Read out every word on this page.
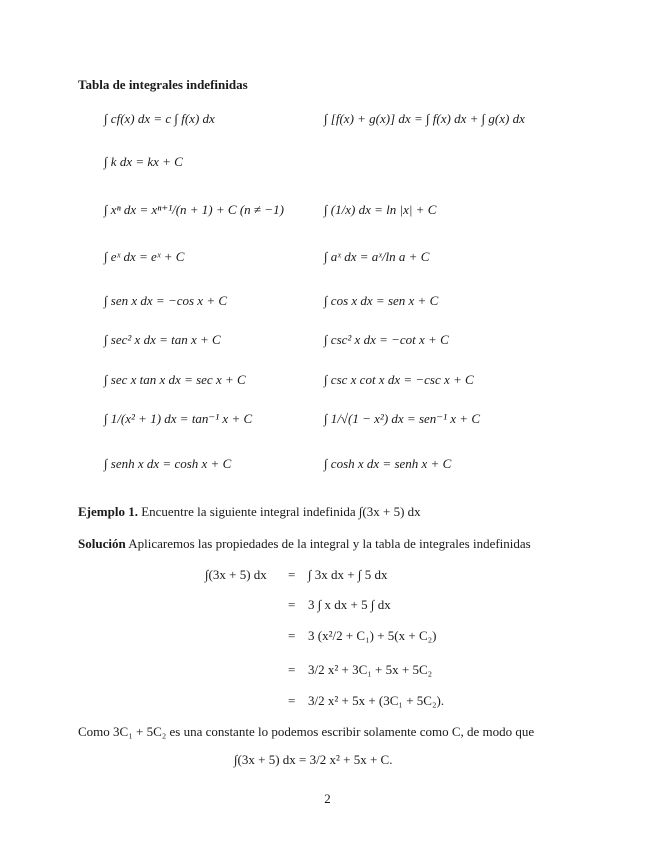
Tabla de integrales indefinidas
∫ cf(x) dx = c ∫ f(x) dx	∫ [f(x) + g(x)] dx = ∫ f(x) dx + ∫ g(x) dx
∫ k dx = kx + C
∫ xⁿ dx = xⁿ⁺¹/(n + 1) + C (n ≠ −1)	∫ (1/x) dx = ln |x| + C
∫ eˣ dx = eˣ + C	∫ aˣ dx = aˣ/ln a + C
∫ sen x dx = −cos x + C	∫ cos x dx = sen x + C
∫ sec² x dx = tan x + C	∫ csc² x dx = −cot x + C
∫ sec x tan x dx = sec x + C	∫ csc x cot x dx = −csc x + C
∫ 1/(x² + 1) dx = tan⁻¹ x + C	∫ 1/√(1 − x²) dx = sen⁻¹ x + C
∫ senh x dx = cosh x + C	∫ cosh x dx = senh x + C
Ejemplo 1. Encuentre la siguiente integral indefinida ∫(3x + 5) dx
Solución Aplicaremos las propiedades de la integral y la tabla de integrales indefinidas
∫(3x + 5) dx = ∫ 3x dx + ∫ 5 dx
= 3 ∫ x dx + 5 ∫ dx
= 3 (x²/2 + C₁) + 5(x + C₂)
= 3/2 x² + 3C₁ + 5x + 5C₂
= 3/2 x² + 5x + (3C₁ + 5C₂).
Como 3C₁ + 5C₂ es una constante lo podemos escribir solamente como C, de modo que
∫(3x + 5) dx = 3/2 x² + 5x + C.
2
